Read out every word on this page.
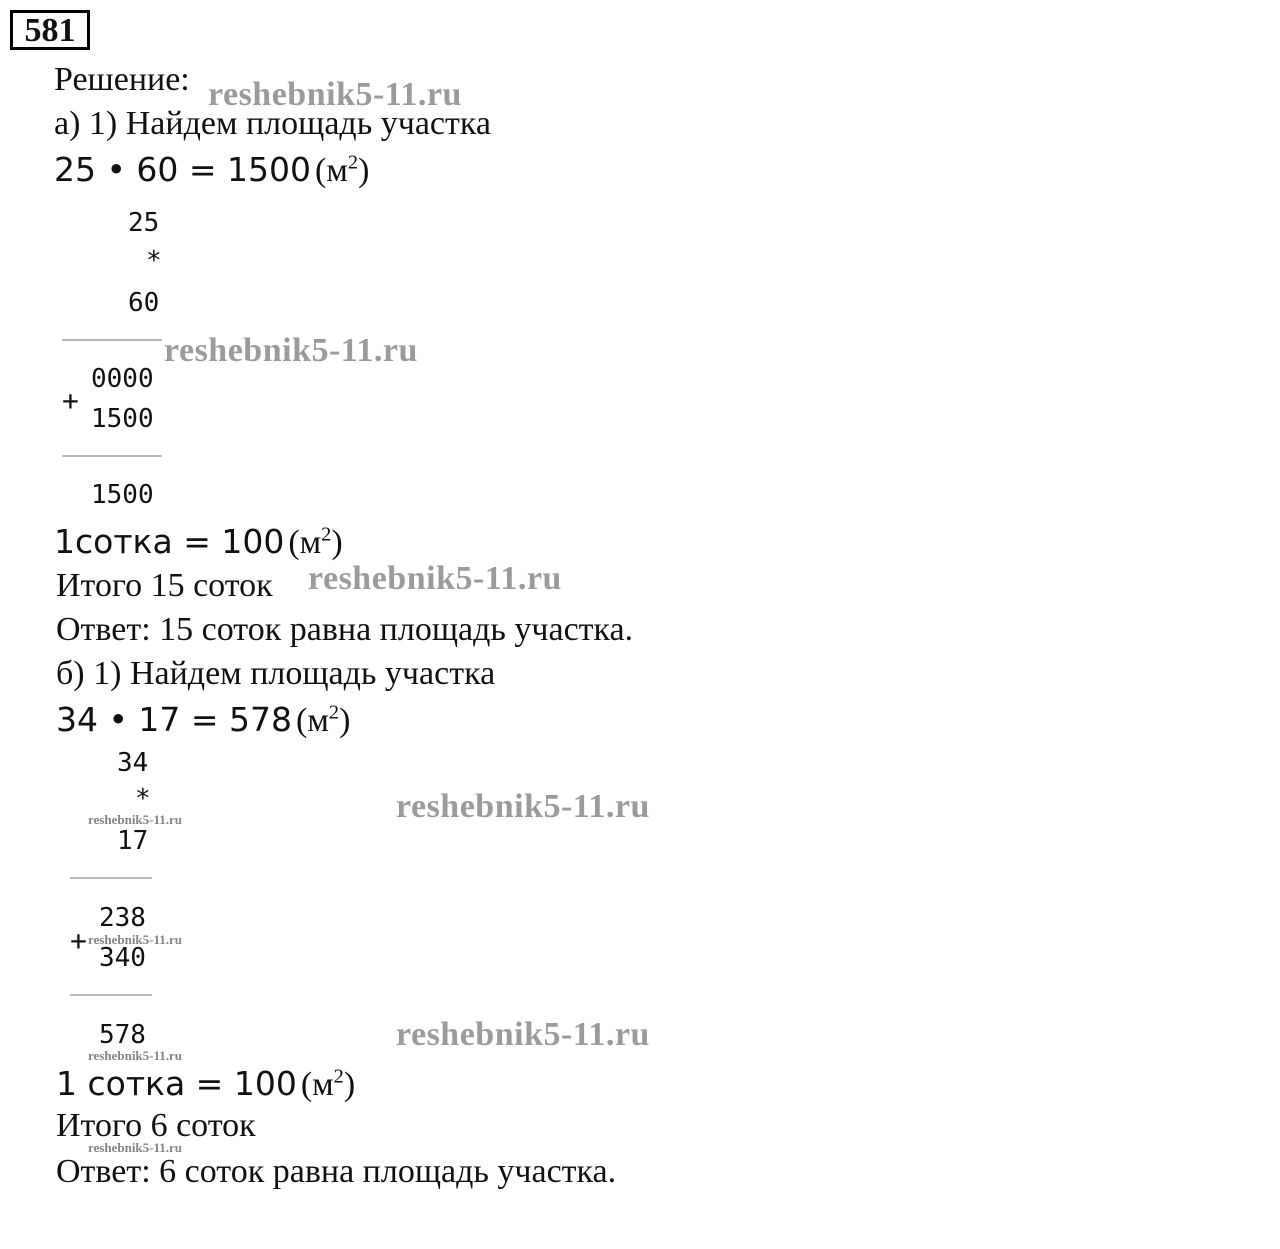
581
Решение:
а) 1) Найдем площадь участка
25 • 60 = 1500 $(м^2)$
25
*
60
0000
+
1500
1500
1сотка = 100 $(м^2)$
Итого 15 соток
Ответ: 15 соток равна площадь участка.
б) 1) Найдем площадь участка
34 • 17 = 578 $(м^2)$
34
*
17
238
+
340
578
1 сотка = 100 $(м^2)$
Итого 6 соток
Ответ: 6 соток равна площадь участка.
reshebnik5-11.ru
reshebnik5-11.ru
reshebnik5-11.ru
reshebnik5-11.ru
reshebnik5-11.ru
reshebnik5-11.ru
reshebnik5-11.ru
reshebnik5-11.ru
reshebnik5-11.ru
